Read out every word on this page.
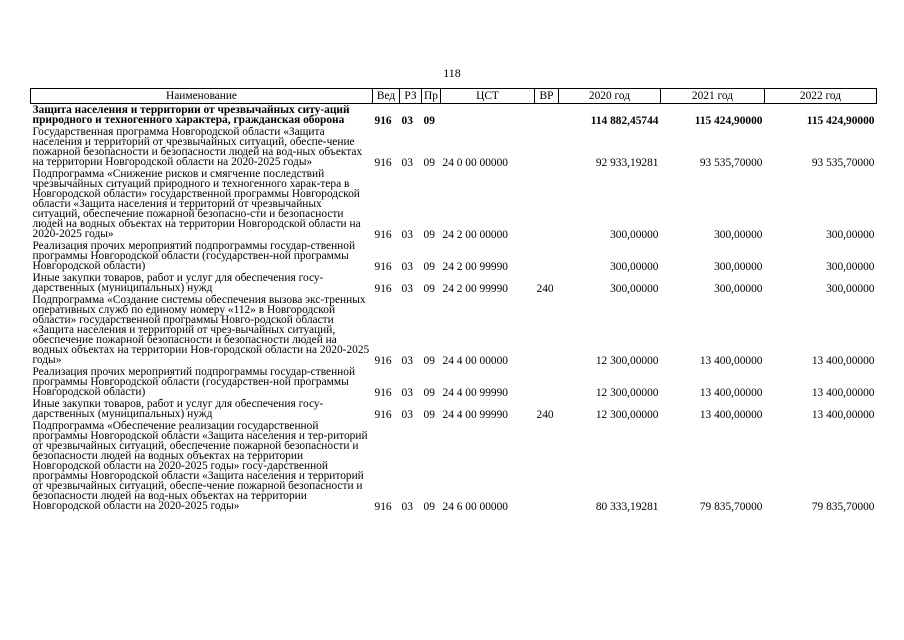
118
Наименование	Вед	РЗ	Пр	ЦСТ	ВР	2020 год	2021 год	2022 год
Защита населения и территории от чрезвычайных ситу-аций природного и техногенного характера, гражданская оборона	916	03	09			114 882,45744	115 424,90000	115 424,90000
Государственная программа Новгородской области «Защита населения и территорий от чрезвычайных ситуаций, обеспе-чение пожарной безопасности и безопасности людей на вод-ных объектах на территории Новгородской области на 2020-2025 годы»	916	03	09	24 0 00 00000		92 933,19281	93 535,70000	93 535,70000
Подпрограмма «Снижение рисков и смягчение последствий чрезвычайных ситуаций природного и техногенного харак-тера в Новгородской области» государственной программы Новгородской области «Защита населения и территорий от чрезвычайных ситуаций, обеспечение пожарной безопасно-сти и безопасности людей на водных объектах на территории Новгородской области на 2020-2025 годы»	916	03	09	24 2 00 00000		300,00000	300,00000	300,00000
Реализация прочих мероприятий подпрограммы государ-ственной программы Новгородской области (государствен-ной программы Новгородской области)	916	03	09	24 2 00 99990		300,00000	300,00000	300,00000
Иные закупки товаров, работ и услуг для обеспечения госу-дарственных (муниципальных) нужд	916	03	09	24 2 00 99990	240	300,00000	300,00000	300,00000
Подпрограмма «Создание системы обеспечения вызова экс-тренных оперативных служб по единому номеру «112» в Новгородской области» государственной программы Новго-родской области «Защита населения и территорий от чрез-вычайных ситуаций, обеспечение пожарной безопасности и безопасности людей на водных объектах на территории Нов-городской области на 2020-2025 годы»	916	03	09	24 4 00 00000		12 300,00000	13 400,00000	13 400,00000
Реализация прочих мероприятий подпрограммы государ-ственной программы Новгородской области (государствен-ной программы Новгородской области)	916	03	09	24 4 00 99990		12 300,00000	13 400,00000	13 400,00000
Иные закупки товаров, работ и услуг для обеспечения госу-дарственных (муниципальных) нужд	916	03	09	24 4 00 99990	240	12 300,00000	13 400,00000	13 400,00000
Подпрограмма «Обеспечение реализации государственной программы Новгородской области «Защита населения и тер-риторий от чрезвычайных ситуаций, обеспечение пожарной безопасности и безопасности людей на водных объектах на территории Новгородской области на 2020-2025 годы» госу-дарственной программы Новгородской области «Защита населения и территорий от чрезвычайных ситуаций, обеспе-чение пожарной безопасности и безопасности людей на вод-ных объектах на территории Новгородской области на 2020-2025 годы»	916	03	09	24 6 00 00000		80 333,19281	79 835,70000	79 835,70000
